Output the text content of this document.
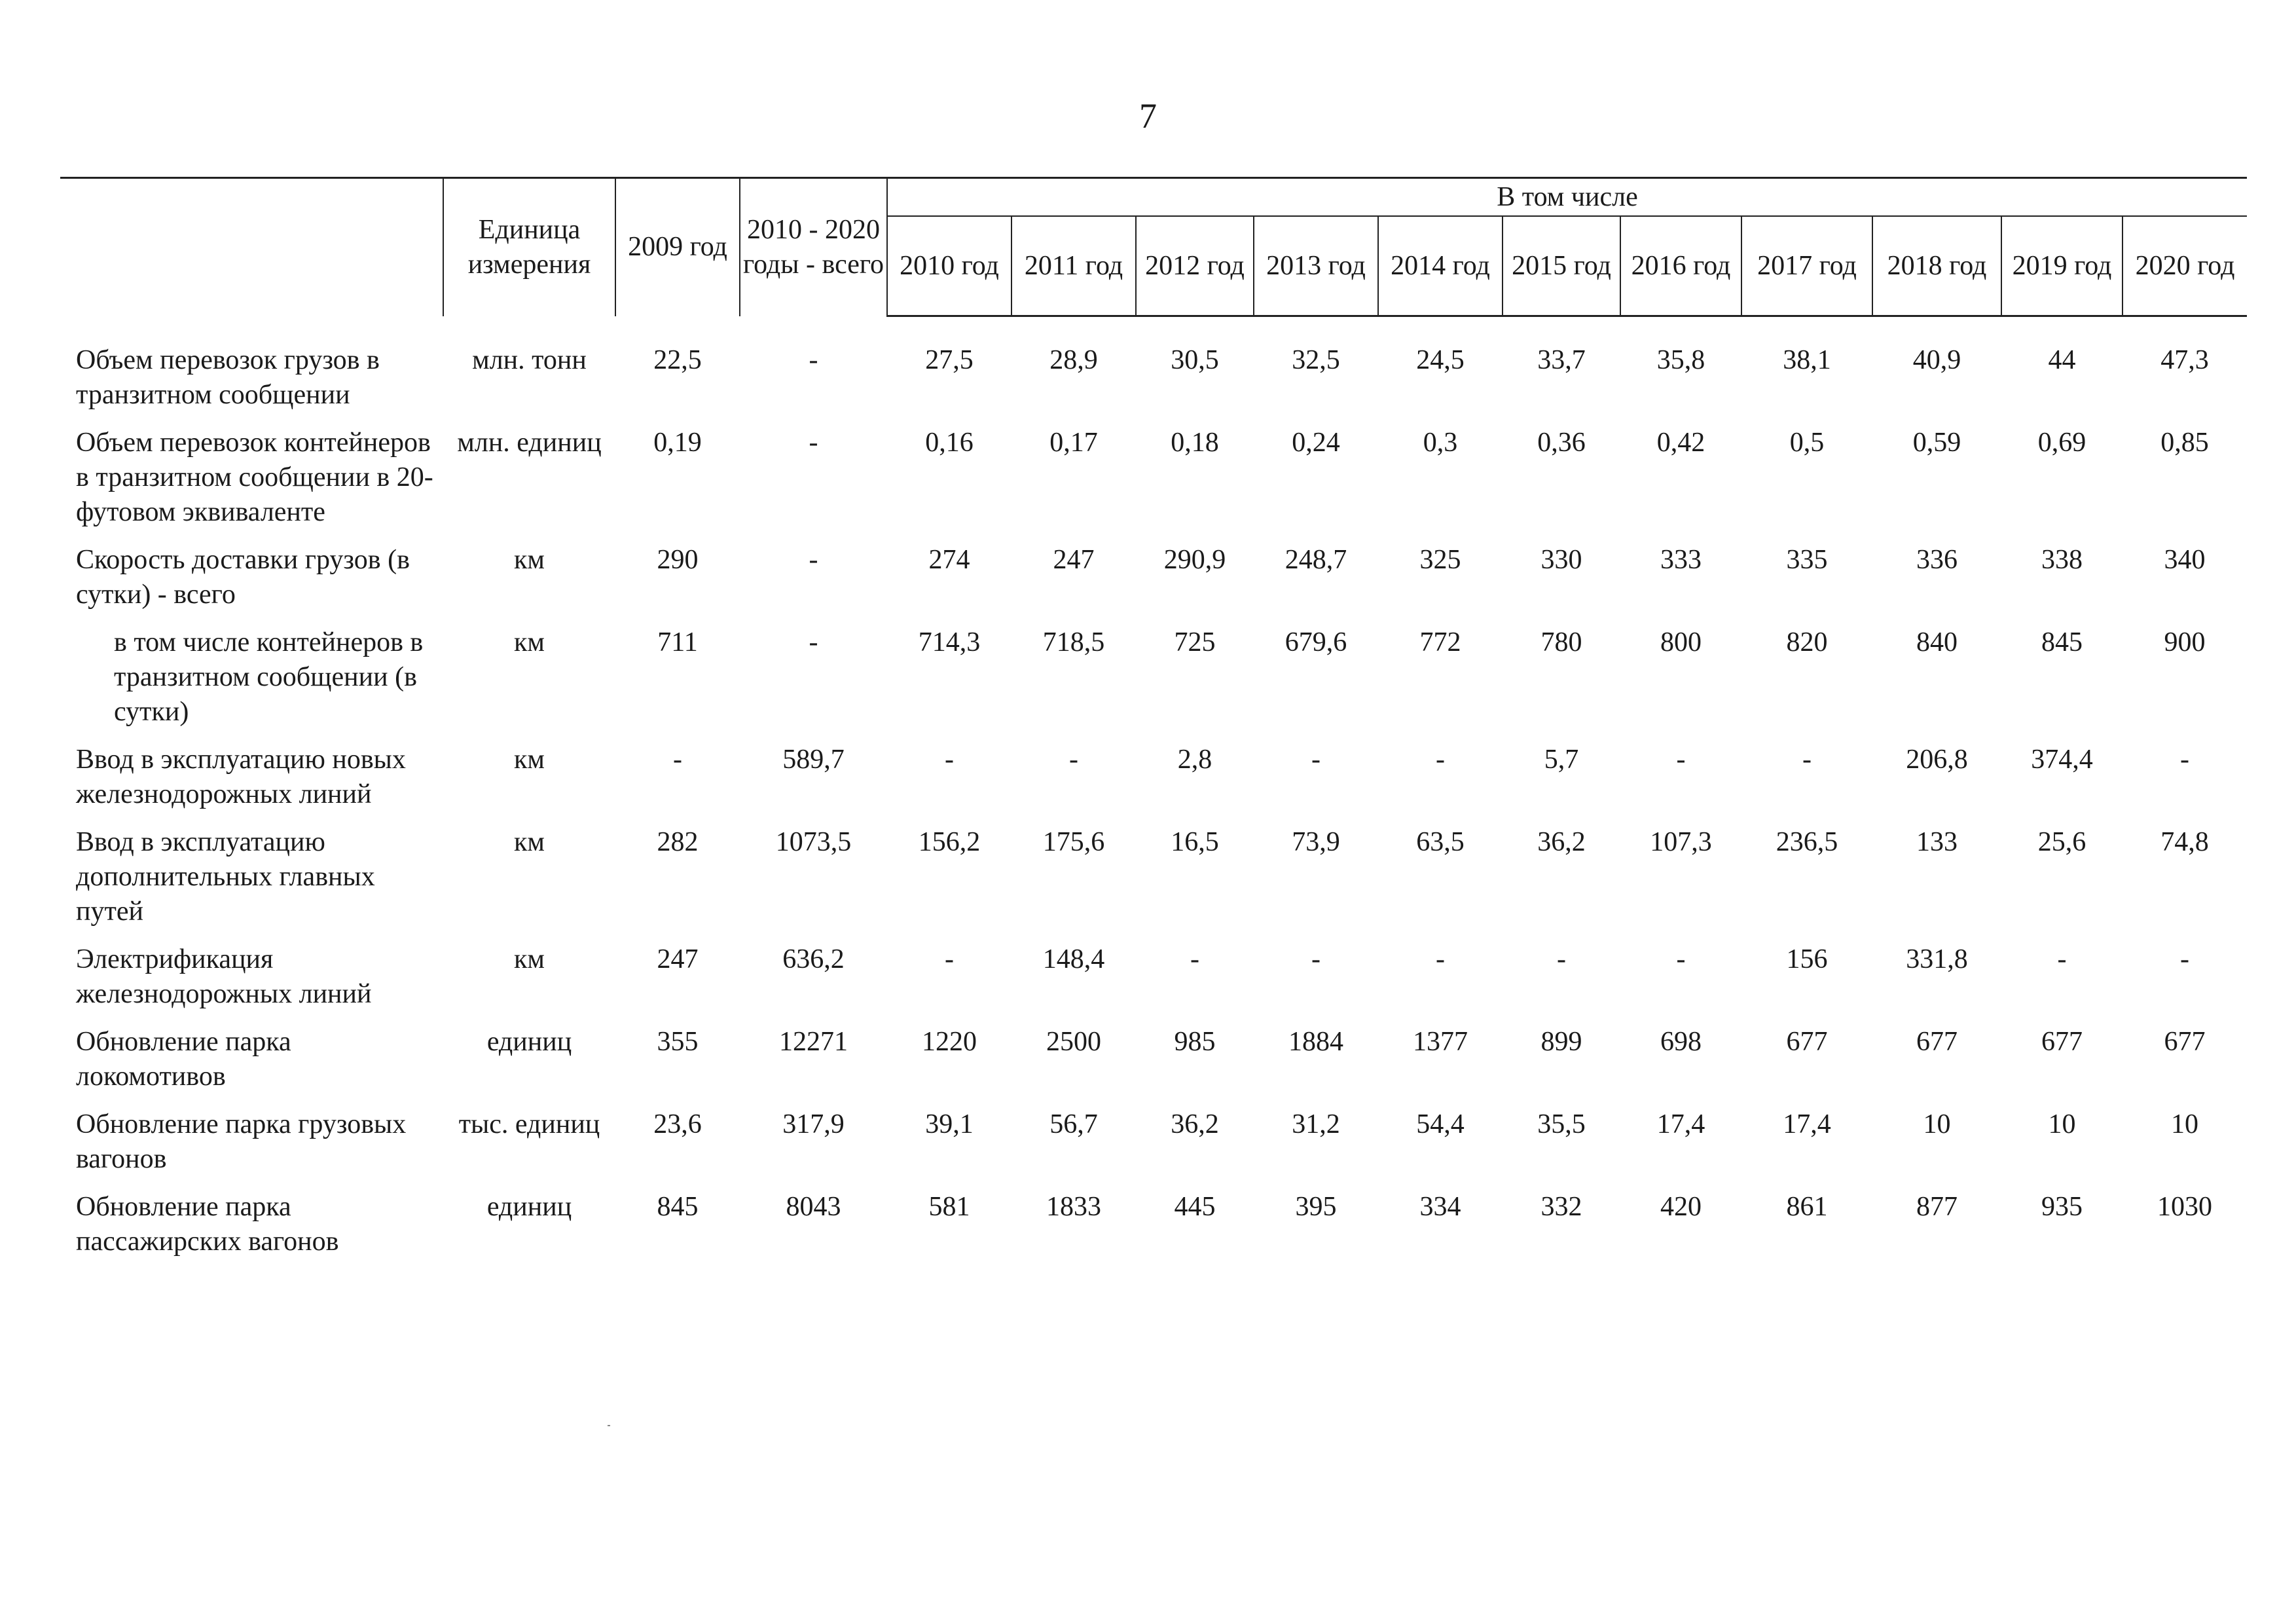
7
	Единица измерения	2009 год	2010 - 2020 годы - всего	В том числе										
				2010 год	2011 год	2012 год	2013 год	2014 год	2015 год	2016 год	2017 год	2018 год	2019 год	2020 год

Объем перевозок грузов в транзитном сообщении	млн. тонн	22,5	-	27,5	28,9	30,5	32,5	24,5	33,7	35,8	38,1	40,9	44	47,3
Объем перевозок контейнеров в транзитном сообщении в 20-футовом эквиваленте	млн. единиц	0,19	-	0,16	0,17	0,18	0,24	0,3	0,36	0,42	0,5	0,59	0,69	0,85
Скорость доставки грузов (в сутки) - всего	км	290	-	274	247	290,9	248,7	325	330	333	335	336	338	340
в том числе контейнеров в транзитном сообщении (в сутки)	км	711	-	714,3	718,5	725	679,6	772	780	800	820	840	845	900
Ввод в эксплуатацию новых железнодорожных линий	км	-	589,7	-	-	2,8	-	-	5,7	-	-	206,8	374,4	-
Ввод в эксплуатацию дополнительных главных путей	км	282	1073,5	156,2	175,6	16,5	73,9	63,5	36,2	107,3	236,5	133	25,6	74,8
Электрификация железнодорожных линий	км	247	636,2	-	148,4	-	-	-	-	-	156	331,8	-	-
Обновление парка локомотивов	единиц	355	12271	1220	2500	985	1884	1377	899	698	677	677	677	677
Обновление парка грузовых вагонов	тыс. единиц	23,6	317,9	39,1	56,7	36,2	31,2	54,4	35,5	17,4	17,4	10	10	10
Обновление парка пассажирских вагонов	единиц	845	8043	581	1833	445	395	334	332	420	861	877	935	1030
